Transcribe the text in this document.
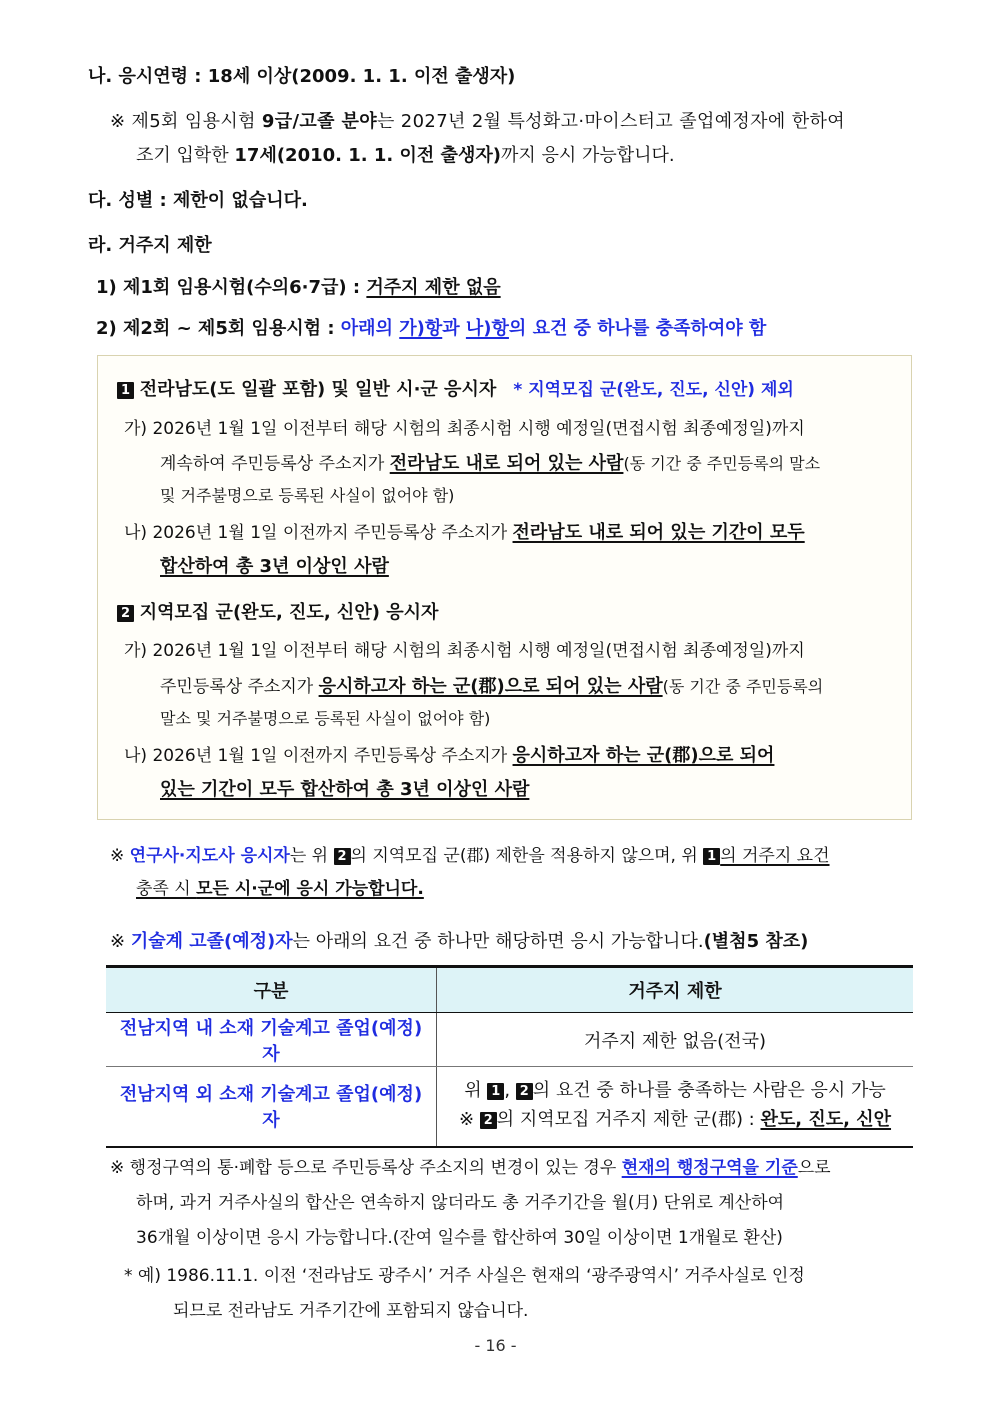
나. 응시연령 : 18세 이상(2009. 1. 1. 이전 출생자)
※ 제5회 임용시험 9급/고졸 분야는 2027년 2월 특성화고·마이스터고 졸업예정자에 한하여
조기 입학한 17세(2010. 1. 1. 이전 출생자)까지 응시 가능합니다.
다. 성별 : 제한이 없습니다.
라. 거주지 제한
1) 제1회 임용시험(수의6·7급) : 거주지 제한 없음
2) 제2회 ~ 제5회 임용시험 : 아래의 가)항과 나)항의 요건 중 하나를 충족하여야 함
1 전라남도(도 일괄 포함) 및 일반 시·군 응시자 * 지역모집 군(완도, 진도, 신안) 제외
가) 2026년 1월 1일 이전부터 해당 시험의 최종시험 시행 예정일(면접시험 최종예정일)까지
계속하여 주민등록상 주소지가 전라남도 내로 되어 있는 사람(동 기간 중 주민등록의 말소
및 거주불명으로 등록된 사실이 없어야 함)
나) 2026년 1월 1일 이전까지 주민등록상 주소지가 전라남도 내로 되어 있는 기간이 모두
합산하여 총 3년 이상인 사람
2 지역모집 군(완도, 진도, 신안) 응시자
가) 2026년 1월 1일 이전부터 해당 시험의 최종시험 시행 예정일(면접시험 최종예정일)까지
주민등록상 주소지가 응시하고자 하는 군(郡)으로 되어 있는 사람(동 기간 중 주민등록의
말소 및 거주불명으로 등록된 사실이 없어야 함)
나) 2026년 1월 1일 이전까지 주민등록상 주소지가 응시하고자 하는 군(郡)으로 되어
있는 기간이 모두 합산하여 총 3년 이상인 사람
※ 연구사·지도사 응시자는 위 2 의 지역모집 군(郡) 제한을 적용하지 않으며, 위 1 의 거주지 요건
충족 시 모든 시·군에 응시 가능합니다.
※ 기술계 고졸(예정)자는 아래의 요건 중 하나만 해당하면 응시 가능합니다.(별첨5 참조)
구분	거주지 제한
전남지역 내 소재 기술계고 졸업(예정)자	거주지 제한 없음(전국)
전남지역 외 소재 기술계고 졸업(예정)자	위 1 , 2 의 요건 중 하나를 충족하는 사람은 응시 가능
※ 2 의 지역모집 거주지 제한 군(郡) : 완도, 진도, 신안
※ 행정구역의 통·폐합 등으로 주민등록상 주소지의 변경이 있는 경우 현재의 행정구역을 기준으로
하며, 과거 거주사실의 합산은 연속하지 않더라도 총 거주기간을 월(月) 단위로 계산하여
36개월 이상이면 응시 가능합니다.(잔여 일수를 합산하여 30일 이상이면 1개월로 환산)
* 예) 1986.11.1. 이전 ‘전라남도 광주시’ 거주 사실은 현재의 ‘광주광역시’ 거주사실로 인정
되므로 전라남도 거주기간에 포함되지 않습니다.
- 16 -
